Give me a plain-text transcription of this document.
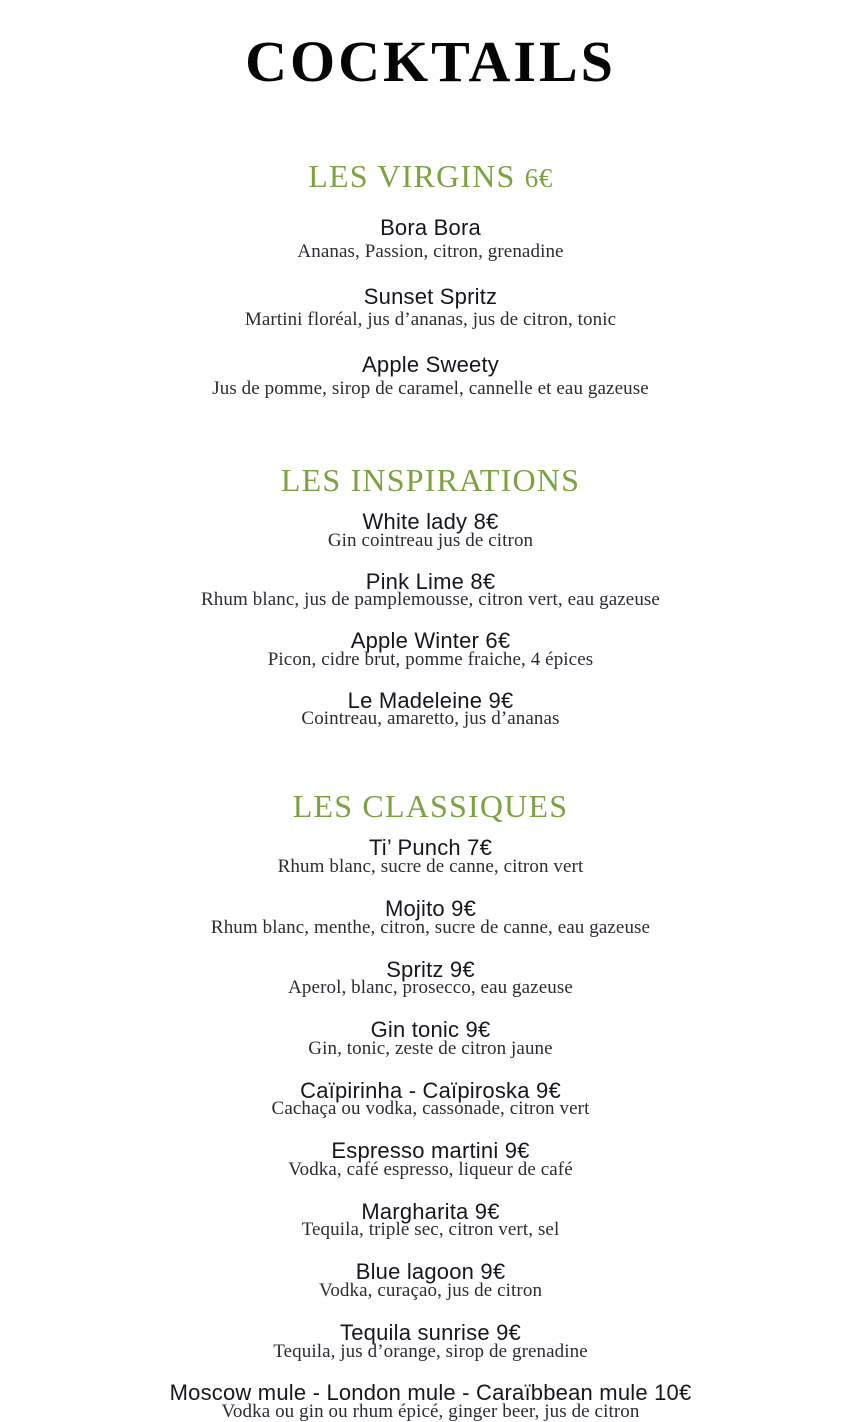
COCKTAILS
LES VIRGINS 6€
Bora Bora
Ananas, Passion, citron, grenadine
Sunset Spritz
Martini floréal, jus d’ananas, jus de citron, tonic
Apple Sweety
Jus de pomme, sirop de caramel, cannelle et eau gazeuse
LES INSPIRATIONS
White lady 8€
Gin cointreau jus de citron
Pink Lime 8€
Rhum blanc, jus de pamplemousse, citron vert, eau gazeuse
Apple Winter 6€
Picon, cidre brut, pomme fraiche, 4 épices
Le Madeleine 9€
Cointreau, amaretto, jus d’ananas
LES CLASSIQUES
Ti’ Punch 7€
Rhum blanc, sucre de canne, citron vert
Mojito 9€
Rhum blanc, menthe, citron, sucre de canne, eau gazeuse
Spritz 9€
Aperol, blanc, prosecco, eau gazeuse
Gin tonic 9€
Gin, tonic, zeste de citron jaune
Caïpirinha - Caïpiroska 9€
Cachaça ou vodka, cassonade, citron vert
Espresso martini 9€
Vodka, café espresso, liqueur de café
Margharita 9€
Tequila, triple sec, citron vert, sel
Blue lagoon 9€
Vodka, curaçao, jus de citron
Tequila sunrise 9€
Tequila, jus d’orange, sirop de grenadine
Moscow mule - London mule - Caraïbbean mule 10€
Vodka ou gin ou rhum épicé, ginger beer, jus de citron
